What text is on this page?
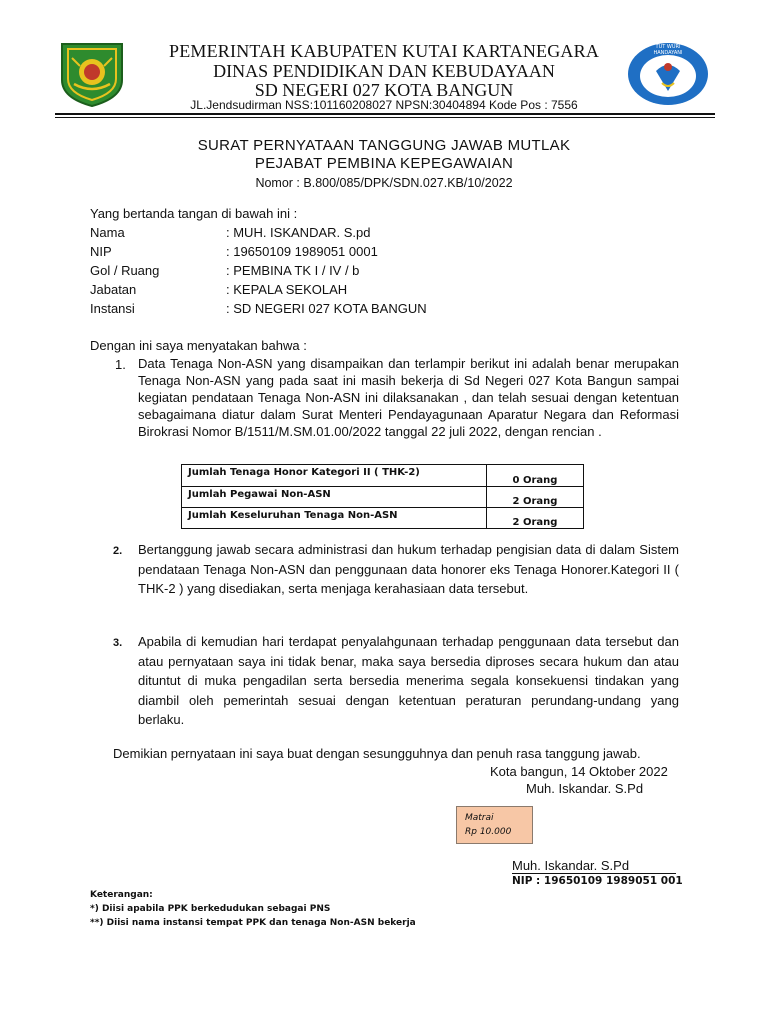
TUT WURI HANDAYANI
PEMERINTAH KABUPATEN KUTAI KARTANEGARA
DINAS PENDIDIKAN DAN KEBUDAYAAN
SD NEGERI 027 KOTA BANGUN
JL.Jendsudirman NSS:101160208027 NPSN:30404894 Kode Pos : 7556
SURAT PERNYATAAN TANGGUNG JAWAB MUTLAK
PEJABAT PEMBINA KEPEGAWAIAN
Nomor : B.800/085/DPK/SDN.027.KB/10/2022
Yang bertanda tangan di bawah ini :
Nama	: MUH. ISKANDAR. S.pd
NIP	: 19650109 1989051 0001
Gol / Ruang	: PEMBINA TK I / IV / b
Jabatan	: KEPALA SEKOLAH
Instansi	: SD NEGERI 027 KOTA BANGUN
Dengan ini saya menyatakan bahwa :
1. Data Tenaga Non-ASN yang disampaikan dan terlampir berikut ini adalah benar merupakan Tenaga Non-ASN yang pada saat ini masih bekerja di Sd Negeri 027 Kota Bangun sampai kegiatan pendataan Tenaga Non-ASN ini dilaksanakan , dan telah sesuai dengan ketentuan sebagaimana diatur dalam Surat Menteri Pendayagunaan Aparatur Negara dan Reformasi Birokrasi Nomor B/1511/M.SM.01.00/2022 tanggal 22 juli 2022, dengan rencian .
Jumlah Tenaga Honor Kategori II ( THK-2)	0 Orang
Jumlah Pegawai Non-ASN	2 Orang
Jumlah Keseluruhan Tenaga Non-ASN	2 Orang
2. Bertanggung jawab secara administrasi dan hukum terhadap pengisian data di dalam Sistem pendataan Tenaga Non-ASN dan penggunaan data honorer eks Tenaga Honorer.Kategori II ( THK-2 ) yang disediakan, serta menjaga kerahasiaan data tersebut.
3. Apabila di kemudian hari terdapat penyalahgunaan terhadap penggunaan data tersebut dan atau pernyataan saya ini tidak benar, maka saya bersedia diproses secara hukum dan atau dituntut di muka pengadilan serta bersedia menerima segala konsekuensi tindakan yang diambil oleh pemerintah sesuai dengan ketentuan peraturan perundang-undang yang berlaku.
Demikian pernyataan ini saya buat dengan sesungguhnya dan penuh rasa tanggung jawab.
Kota bangun, 14 Oktober 2022
Muh. Iskandar. S.Pd
Matrai
Rp 10.000
Muh. Iskandar. S.Pd
NIP : 19650109 1989051 001
Keterangan:
*) Diisi apabila PPK berkedudukan sebagai PNS
**) Diisi nama instansi tempat PPK dan tenaga Non-ASN bekerja
